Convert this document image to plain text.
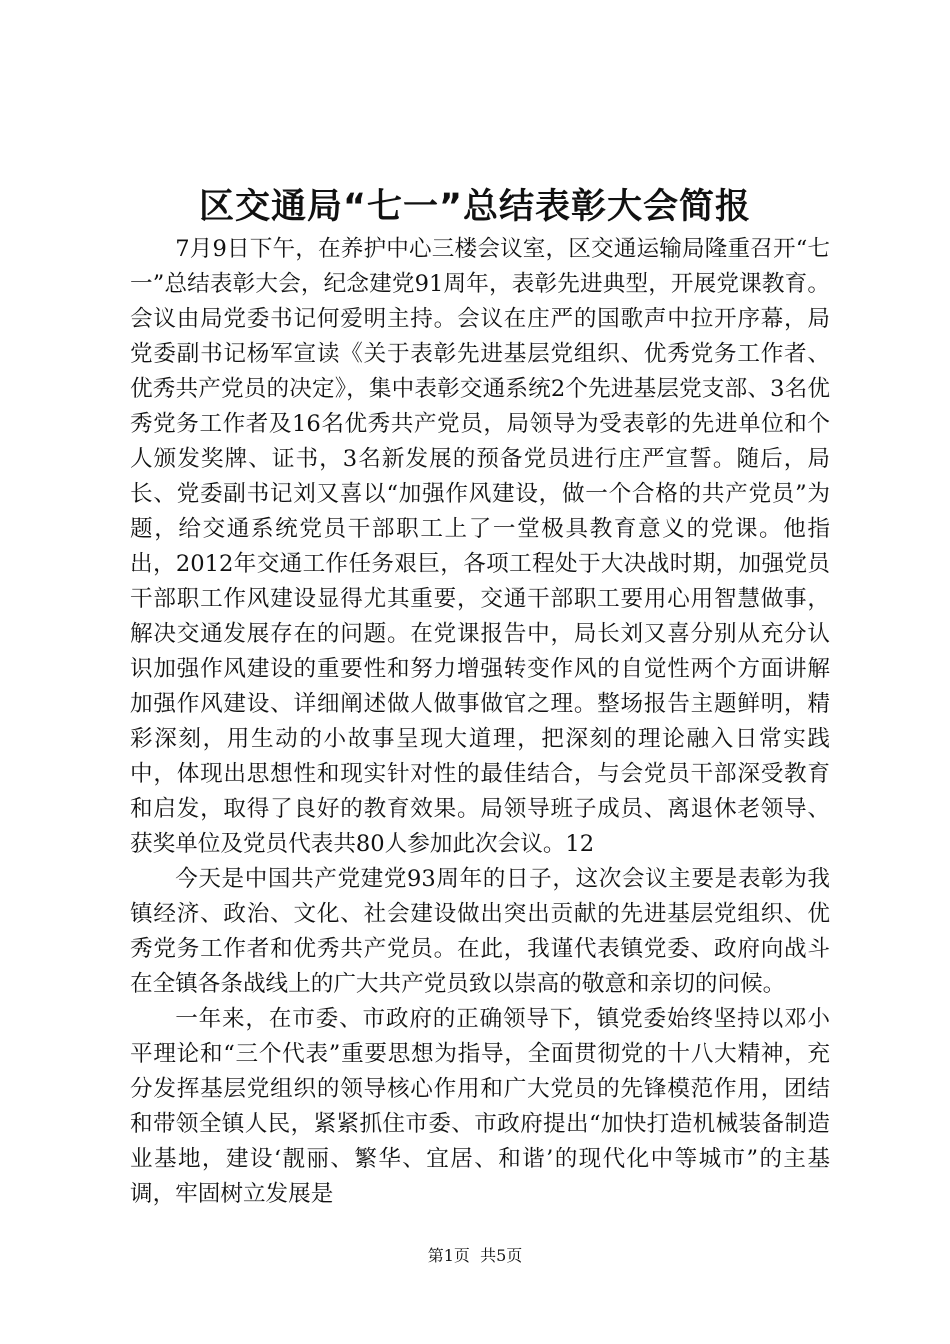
区交通局“七一”总结表彰大会简报

7月9日下午，在养护中心三楼会议室，区交通运输局隆重召开“七一”总结表彰大会，纪念建党91周年，表彰先进典型，开展党课教育。会议由局党委书记何爱明主持。会议在庄严的国歌声中拉开序幕，局党委副书记杨军宣读《关于表彰先进基层党组织、优秀党务工作者、优秀共产党员的决定》，集中表彰交通系统2个先进基层党支部、3名优秀党务工作者及16名优秀共产党员，局领导为受表彰的先进单位和个人颁发奖牌、证书，3名新发展的预备党员进行庄严宣誓。随后，局长、党委副书记刘又喜以“加强作风建设，做一个合格的共产党员”为题，给交通系统党员干部职工上了一堂极具教育意义的党课。他指出，2012年交通工作任务艰巨，各项工程处于大决战时期，加强党员干部职工作风建设显得尤其重要，交通干部职工要用心用智慧做事，解决交通发展存在的问题。在党课报告中，局长刘又喜分别从充分认识加强作风建设的重要性和努力增强转变作风的自觉性两个方面讲解加强作风建设、详细阐述做人做事做官之理。整场报告主题鲜明，精彩深刻，用生动的小故事呈现大道理，把深刻的理论融入日常实践中，体现出思想性和现实针对性的最佳结合，与会党员干部深受教育和启发，取得了良好的教育效果。局领导班子成员、离退休老领导、获奖单位及党员代表共80人参加此次会议。12

今天是中国共产党建党93周年的日子，这次会议主要是表彰为我镇经济、政治、文化、社会建设做出突出贡献的先进基层党组织、优秀党务工作者和优秀共产党员。在此，我谨代表镇党委、政府向战斗在全镇各条战线上的广大共产党员致以崇高的敬意和亲切的问候。

一年来，在市委、市政府的正确领导下，镇党委始终坚持以邓小平理论和“三个代表”重要思想为指导，全面贯彻党的十八大精神，充分发挥基层党组织的领导核心作用和广大党员的先锋模范作用，团结和带领全镇人民，紧紧抓住市委、市政府提出“加快打造机械装备制造业基地，建设‘靓丽、繁华、宜居、和谐’的现代化中等城市”的主基调，牢固树立发展是

第1页 共5页
